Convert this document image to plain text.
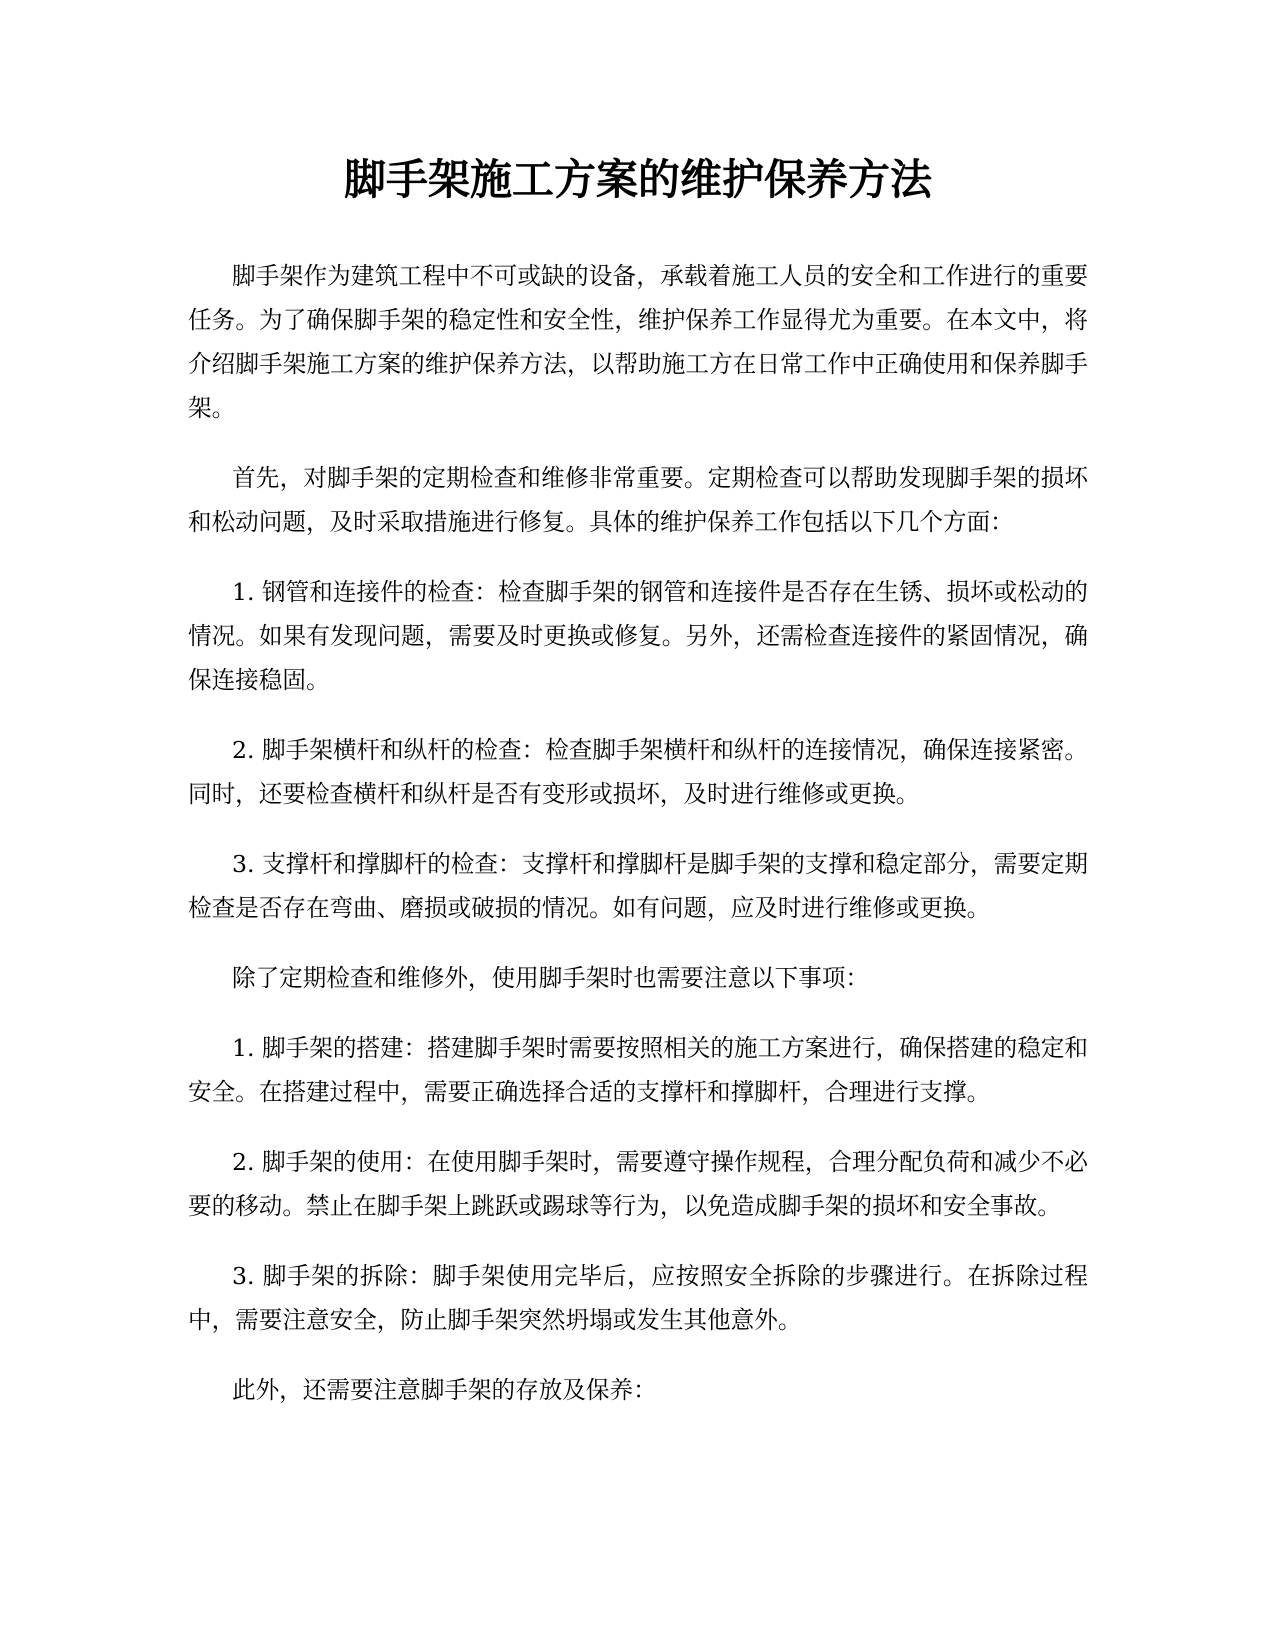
脚手架施工方案的维护保养方法

脚手架作为建筑工程中不可或缺的设备，承载着施工人员的安全和工作进行的重要任务。为了确保脚手架的稳定性和安全性，维护保养工作显得尤为重要。在本文中，将介绍脚手架施工方案的维护保养方法，以帮助施工方在日常工作中正确使用和保养脚手架。

首先，对脚手架的定期检查和维修非常重要。定期检查可以帮助发现脚手架的损坏和松动问题，及时采取措施进行修复。具体的维护保养工作包括以下几个方面：

1. 钢管和连接件的检查：检查脚手架的钢管和连接件是否存在生锈、损坏或松动的情况。如果有发现问题，需要及时更换或修复。另外，还需检查连接件的紧固情况，确保连接稳固。

2. 脚手架横杆和纵杆的检查：检查脚手架横杆和纵杆的连接情况，确保连接紧密。同时，还要检查横杆和纵杆是否有变形或损坏，及时进行维修或更换。

3. 支撑杆和撑脚杆的检查：支撑杆和撑脚杆是脚手架的支撑和稳定部分，需要定期检查是否存在弯曲、磨损或破损的情况。如有问题，应及时进行维修或更换。

除了定期检查和维修外，使用脚手架时也需要注意以下事项：

1. 脚手架的搭建：搭建脚手架时需要按照相关的施工方案进行，确保搭建的稳定和安全。在搭建过程中，需要正确选择合适的支撑杆和撑脚杆，合理进行支撑。

2. 脚手架的使用：在使用脚手架时，需要遵守操作规程，合理分配负荷和减少不必要的移动。禁止在脚手架上跳跃或踢球等行为，以免造成脚手架的损坏和安全事故。

3. 脚手架的拆除：脚手架使用完毕后，应按照安全拆除的步骤进行。在拆除过程中，需要注意安全，防止脚手架突然坍塌或发生其他意外。

此外，还需要注意脚手架的存放及保养：
